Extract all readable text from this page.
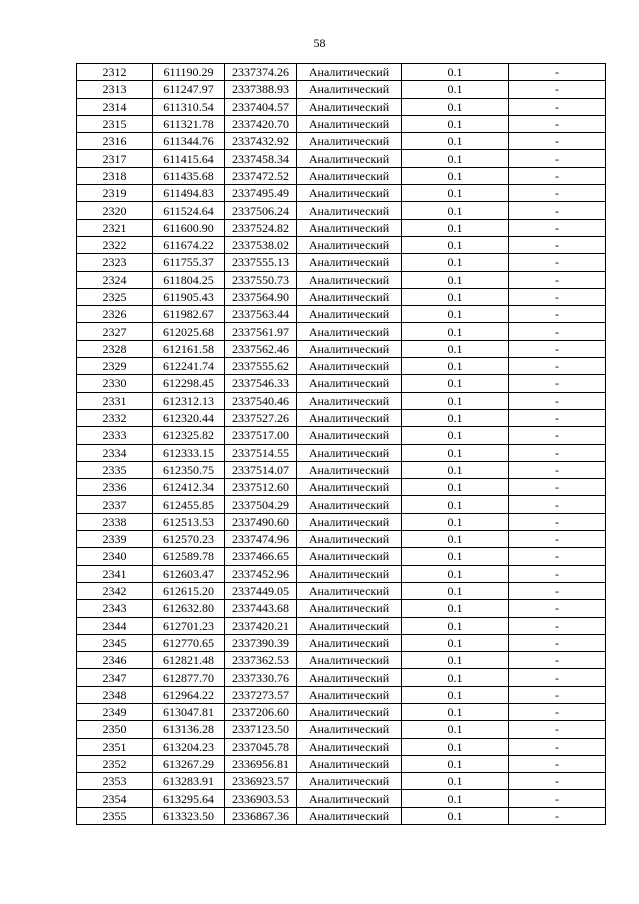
58
2312	611190.29	2337374.26	Аналитический	0.1	-
2313	611247.97	2337388.93	Аналитический	0.1	-
2314	611310.54	2337404.57	Аналитический	0.1	-
2315	611321.78	2337420.70	Аналитический	0.1	-
2316	611344.76	2337432.92	Аналитический	0.1	-
2317	611415.64	2337458.34	Аналитический	0.1	-
2318	611435.68	2337472.52	Аналитический	0.1	-
2319	611494.83	2337495.49	Аналитический	0.1	-
2320	611524.64	2337506.24	Аналитический	0.1	-
2321	611600.90	2337524.82	Аналитический	0.1	-
2322	611674.22	2337538.02	Аналитический	0.1	-
2323	611755.37	2337555.13	Аналитический	0.1	-
2324	611804.25	2337550.73	Аналитический	0.1	-
2325	611905.43	2337564.90	Аналитический	0.1	-
2326	611982.67	2337563.44	Аналитический	0.1	-
2327	612025.68	2337561.97	Аналитический	0.1	-
2328	612161.58	2337562.46	Аналитический	0.1	-
2329	612241.74	2337555.62	Аналитический	0.1	-
2330	612298.45	2337546.33	Аналитический	0.1	-
2331	612312.13	2337540.46	Аналитический	0.1	-
2332	612320.44	2337527.26	Аналитический	0.1	-
2333	612325.82	2337517.00	Аналитический	0.1	-
2334	612333.15	2337514.55	Аналитический	0.1	-
2335	612350.75	2337514.07	Аналитический	0.1	-
2336	612412.34	2337512.60	Аналитический	0.1	-
2337	612455.85	2337504.29	Аналитический	0.1	-
2338	612513.53	2337490.60	Аналитический	0.1	-
2339	612570.23	2337474.96	Аналитический	0.1	-
2340	612589.78	2337466.65	Аналитический	0.1	-
2341	612603.47	2337452.96	Аналитический	0.1	-
2342	612615.20	2337449.05	Аналитический	0.1	-
2343	612632.80	2337443.68	Аналитический	0.1	-
2344	612701.23	2337420.21	Аналитический	0.1	-
2345	612770.65	2337390.39	Аналитический	0.1	-
2346	612821.48	2337362.53	Аналитический	0.1	-
2347	612877.70	2337330.76	Аналитический	0.1	-
2348	612964.22	2337273.57	Аналитический	0.1	-
2349	613047.81	2337206.60	Аналитический	0.1	-
2350	613136.28	2337123.50	Аналитический	0.1	-
2351	613204.23	2337045.78	Аналитический	0.1	-
2352	613267.29	2336956.81	Аналитический	0.1	-
2353	613283.91	2336923.57	Аналитический	0.1	-
2354	613295.64	2336903.53	Аналитический	0.1	-
2355	613323.50	2336867.36	Аналитический	0.1	-
